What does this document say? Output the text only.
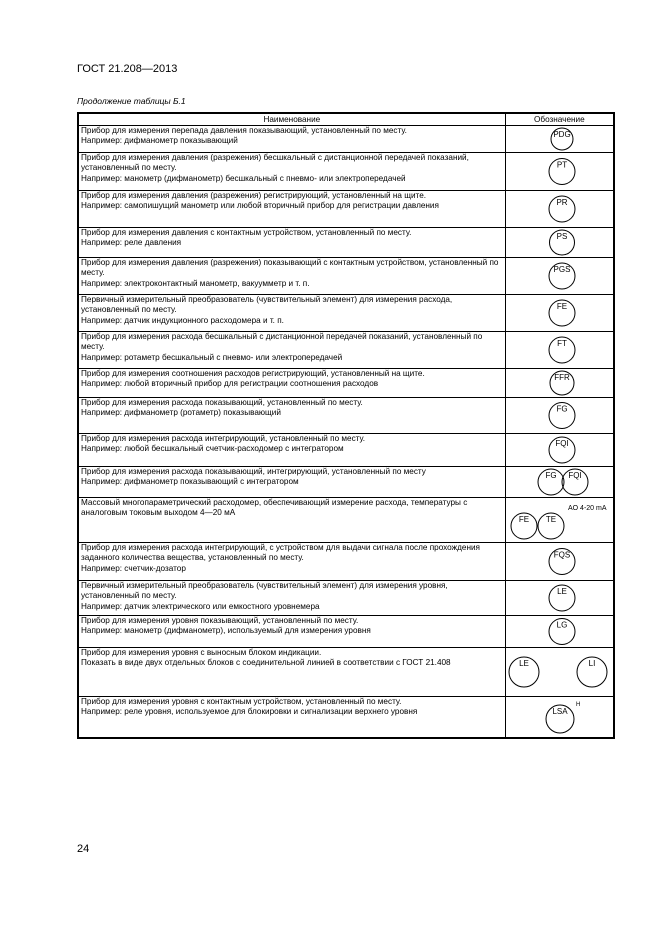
ГОСТ 21.208—2013
Продолжение таблицы Б.1
Наименование	Обозначение
Прибор для измерения перепада давления показывающий, установленный по месту.
Например: дифманометр показывающий	PDG

Прибор для измерения давления (разрежения) бесшкальный с дистанционной передачей показаний, установленный по месту.
Например: манометр (дифманометр) бесшкальный с пневмо- или электропередачей	PT

Прибор для измерения давления (разрежения) регистрирующий, установленный на щите.
Например: самопишущий манометр или любой вторичный прибор для регистрации давления	PR

Прибор для измерения давления с контактным устройством, установленный по месту.
Например: реле давления	PS

Прибор для измерения давления (разрежения) показывающий с контактным устройством, установленный по месту.
Например: электроконтактный манометр, вакуумметр и т. п.	PGS

Первичный измерительный преобразователь (чувствительный элемент) для измерения расхода, установленный по месту.
Например: датчик индукционного расходомера и т. п.	FE

Прибор для измерения расхода бесшкальный с дистанционной передачей показаний, установленный по месту.
Например: ротаметр бесшкальный с пневмо- или электропередачей	FT

Прибор для измерения соотношения расходов регистрирующий, установленный на щите.
Например: любой вторичный прибор для регистрации соотношения расходов	FFR

Прибор для измерения расхода показывающий, установленный по месту.
Например: дифманометр (ротаметр) показывающий	FG

Прибор для измерения расхода интегрирующий, установленный по месту.
Например: любой бесшкальный счетчик-расходомер с интегратором	FQI

Прибор для измерения расхода показывающий, интегрирующий, установленный по месту
Например: дифманометр показывающий с интегратором	FG FQI

Массовый многопараметрический расходомер, обеспечивающий измерение расхода, температуры с аналоговым токовым выходом 4—20 мА	FE TE
AO 4-20 mA

Прибор для измерения расхода интегрирующий, с устройством для выдачи сигнала после прохождения заданного количества вещества, установленный по месту.
Например: счетчик-дозатор	FQS

Первичный измерительный преобразователь (чувствительный элемент) для измерения уровня, установленный по месту.
Например: датчик электрического или емкостного уровнемера	LE

Прибор для измерения уровня показывающий, установленный по месту.
Например: манометр (дифманометр), используемый для измерения уровня	LG

Прибор для измерения уровня с выносным блоком индикации.
Показать в виде двух отдельных блоков с соединительной линией в соответствии с ГОСТ 21.408	LE LI

Прибор для измерения уровня с контактным устройством, установленный по месту.
Например: реле уровня, используемое для блокировки и сигнализации верхнего уровня	LSA
H
24
